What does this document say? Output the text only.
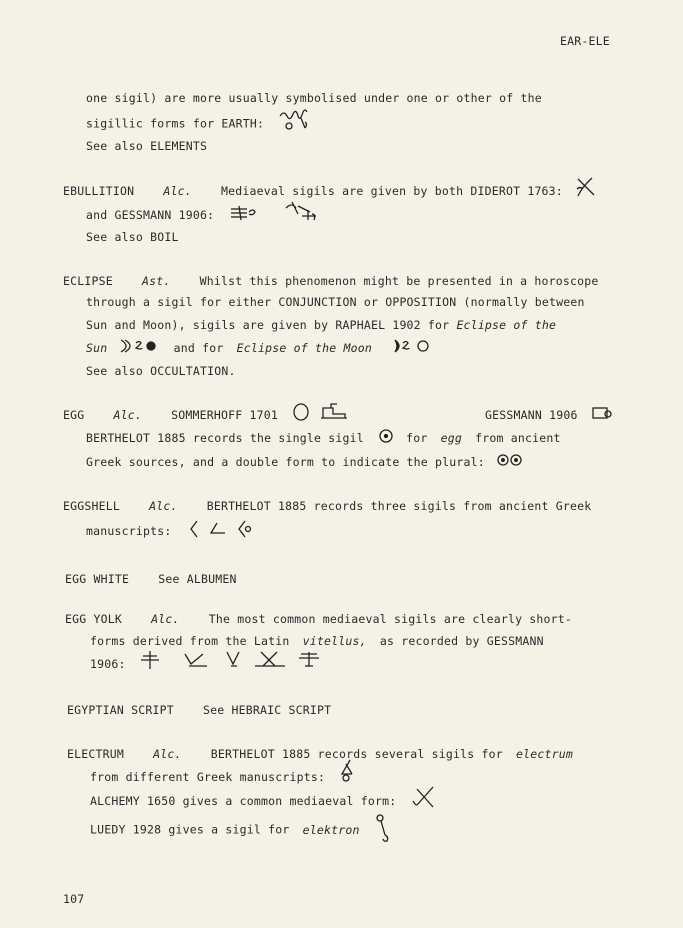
EAR-ELE
one sigil) are more usually symbolised under one or other of the
sigillic forms for EARTH:
See also ELEMENTS
EBULLITION	Alc.	Mediaeval sigils are given by both DIDEROT 1763:
and GESSMANN 1906:
See also BOIL
ECLIPSE	Ast.	Whilst this phenomenon might be presented in a horoscope
through a sigil for either CONJUNCTION or OPPOSITION (normally between
Sun and Moon), sigils are given by RAPHAEL 1902 for Eclipse of the
Sun	and for Eclipse of the Moon
See also OCCULTATION.
EGG	Alc.	SOMMERHOFF 1701	GESSMANN 1906
BERTHELOT 1885 records the single sigil	for egg from ancient
Greek sources, and a double form to indicate the plural:
EGGSHELL	Alc.	BERTHELOT 1885 records three sigils from ancient Greek
manuscripts:
EGG WHITE	See ALBUMEN
EGG YOLK	Alc.	The most common mediaeval sigils are clearly short-
forms derived from the Latin vitellus, as recorded by GESSMANN
1906:
EGYPTIAN SCRIPT	See HEBRAIC SCRIPT
ELECTRUM	Alc.	BERTHELOT 1885 records several sigils for electrum
from different Greek manuscripts:
ALCHEMY 1650 gives a common mediaeval form:
LUEDY 1928 gives a sigil for elektron
107
